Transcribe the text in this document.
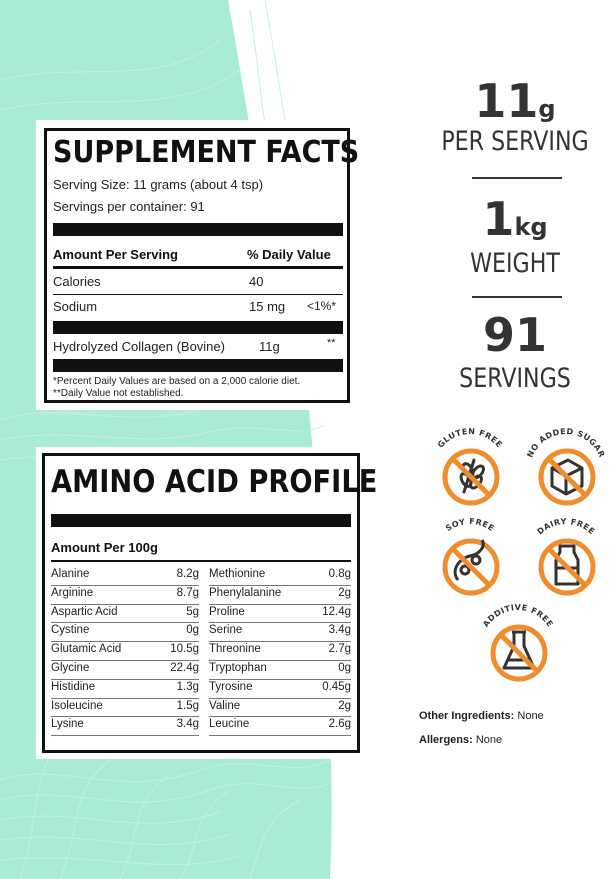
SUPPLEMENT FACTS
Serving Size: 11 grams (about 4 tsp)
Servings per container: 91
Amount Per Serving	% Daily Value
Calories	40
Sodium	15 mg <1%*
Hydrolyzed Collagen (Bovine)	11g	**
*Percent Daily Values are based on a 2,000 calorie diet.
**Daily Value not established.
AMINO ACID PROFILE
Amount Per 100g
Alanine	8.2g
Arginine	8.7g
Aspartic Acid	5g
Cystine	0g
Glutamic Acid	10.5g
Glycine	22.4g
Histidine	1.3g
Isoleucine	1.5g
Lysine	3.4g
Methionine	0.8g
Phenylalanine	2g
Proline	12.4g
Serine	3.4g
Threonine	2.7g
Tryptophan	0g
Tyrosine	0.45g
Valine	2g
Leucine	2.6g
11g
PER SERVING
1kg
WEIGHT
91
SERVINGS
GLUTEN FREE
NO ADDED SUGAR
SOY FREE	DAIRY FREE
ADDITIVE FREE
Other Ingredients: None
Allergens: None
